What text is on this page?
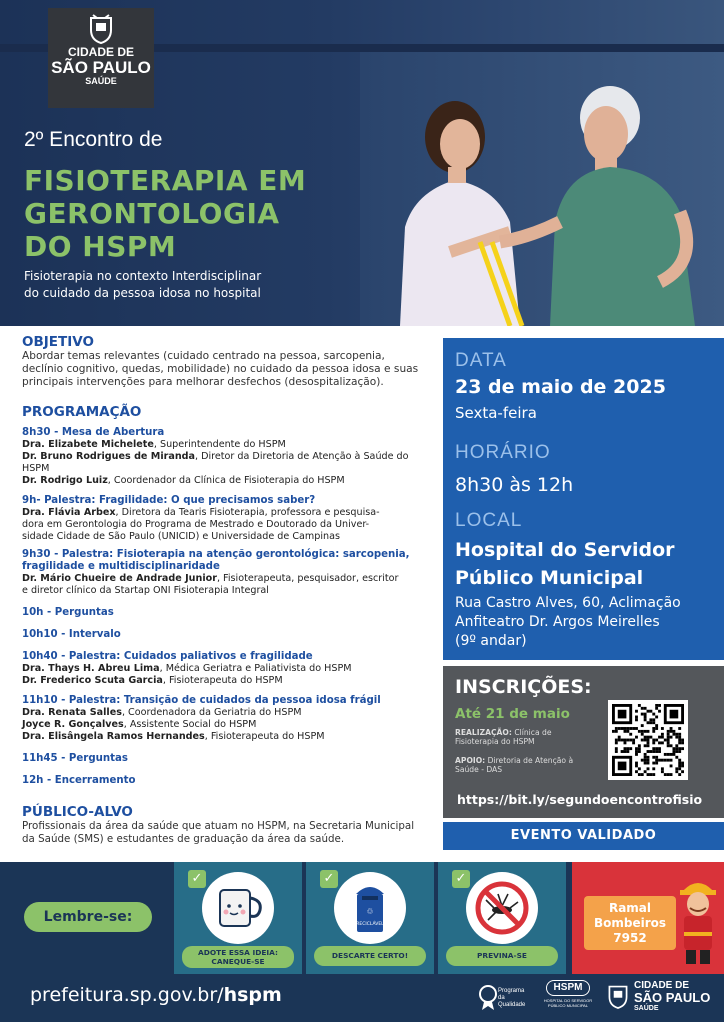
CIDADE DE
SÃO PAULO
SAÚDE
2º Encontro de
FISIOTERAPIA EM
GERONTOLOGIA
DO HSPM
Fisioterapia no contexto Interdisciplinar
do cuidado da pessoa idosa no hospital
OBJETIVO
Abordar temas relevantes (cuidado centrado na pessoa, sarcopenia,
declínio cognitivo, quedas, mobilidade) no cuidado da pessoa idosa e suas
principais intervenções para melhorar desfechos (desospitalização).
PROGRAMAÇÃO
8h30 - Mesa de Abertura
Dra. Elizabete Michelete, Superintendente do HSPM
Dr. Bruno Rodrigues de Miranda, Diretor da Diretoria de Atenção à Saúde do HSPM
Dr. Rodrigo Luiz, Coordenador da Clínica de Fisioterapia do HSPM
9h- Palestra: Fragilidade: O que precisamos saber?
Dra. Flávia Arbex, Diretora da Tearis Fisioterapia, professora e pesquisa-
dora em Gerontologia do Programa de Mestrado e Doutorado da Univer-
sidade Cidade de São Paulo (UNICID) e Universidade de Campinas
9h30 - Palestra: Fisioterapia na atenção gerontológica: sarcopenia,
fragilidade e multidisciplinaridade
Dr. Mário Chueire de Andrade Junior, Fisioterapeuta, pesquisador, escritor
e diretor clínico da Startap ONI Fisioterapia Integral
10h - Perguntas
10h10 - Intervalo
10h40 - Palestra: Cuidados paliativos e fragilidade
Dra. Thays H. Abreu Lima, Médica Geriatra e Paliativista do HSPM
Dr. Frederico Scuta Garcia, Fisioterapeuta do HSPM
11h10 - Palestra: Transição de cuidados da pessoa idosa frágil
Dra. Renata Salles, Coordenadora da Geriatria do HSPM
Joyce R. Gonçalves, Assistente Social do HSPM
Dra. Elisângela Ramos Hernandes, Fisioterapeuta do HSPM
11h45 - Perguntas
12h - Encerramento
PÚBLICO-ALVO
Profissionais da área da saúde que atuam no HSPM, na Secretaria Municipal
da Saúde (SMS) e estudantes de graduação da área da saúde.
DATA
23 de maio de 2025
Sexta-feira
HORÁRIO
8h30 às 12h
LOCAL
Hospital do Servidor
Público Municipal
Rua Castro Alves, 60, Aclimação
Anfiteatro Dr. Argos Meirelles
(9º andar)
INSCRIÇÕES:
Até 21 de maio
REALIZAÇÃO: Clínica de
Fisioterapia do HSPM
APOIO: Diretoria de Atenção à
Saúde - DAS
https://bit.ly/segundoencontrofisio
EVENTO VALIDADO
Lembre-se:
✓
ADOTE ESSA IDEIA:
CANEQUE-SE
✓
♲
RECICLÁVEL
DESCARTE CERTO!
✓
PREVINA-SE
Ramal
Bombeiros
7952
prefeitura.sp.gov.br/hspm	Programa da
Qualidade
HSPM
HOSPITAL DO SERVIDOR
PÚBLICO MUNICIPAL
CIDADE DE
SÃO PAULO
SAÚDE
